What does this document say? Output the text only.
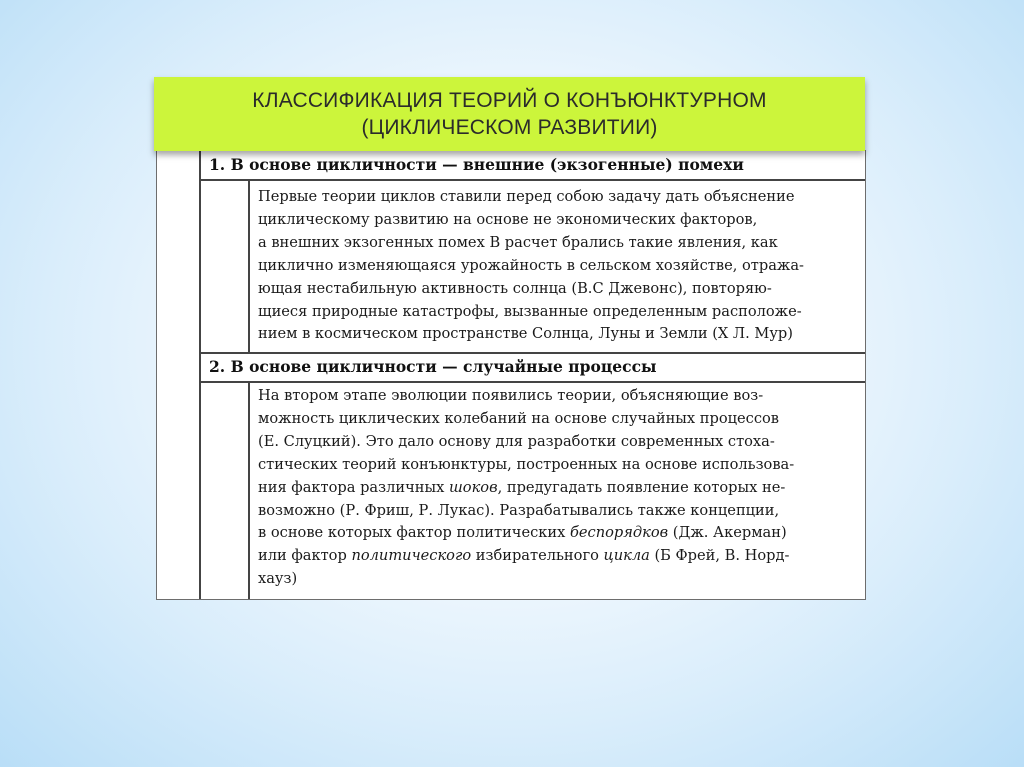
КЛАССИФИКАЦИЯ ТЕОРИЙ О КОНЪЮНКТУРНОМ
(ЦИКЛИЧЕСКОМ РАЗВИТИИ)
1. В основе цикличности — внешние (экзогенные) помехи
Первые теории циклов ставили перед собою задачу дать объяснение
циклическому развитию на основе не экономических факторов,
а внешних экзогенных помех В расчет брались такие явления, как
циклично изменяющаяся урожайность в сельском хозяйстве, отража-
ющая нестабильную активность солнца (В.С Джевонс), повторяю-
щиеся природные катастрофы, вызванные определенным расположе-
нием в космическом пространстве Солнца, Луны и Земли (Х Л. Мур)
2. В основе цикличности — случайные процессы
На втором этапе эволюции появились теории, объясняющие воз-
можность циклических колебаний на основе случайных процессов
(Е. Слуцкий). Это дало основу для разработки современных стоха-
стических теорий конъюнктуры, построенных на основе использова-
ния фактора различных шоков, предугадать появление которых не-
возможно (Р. Фриш, Р. Лукас). Разрабатывались также концепции,
в основе которых фактор политических беспорядков (Дж. Акерман)
или фактор политического избирательного цикла (Б Фрей, В. Норд-
хауз)
